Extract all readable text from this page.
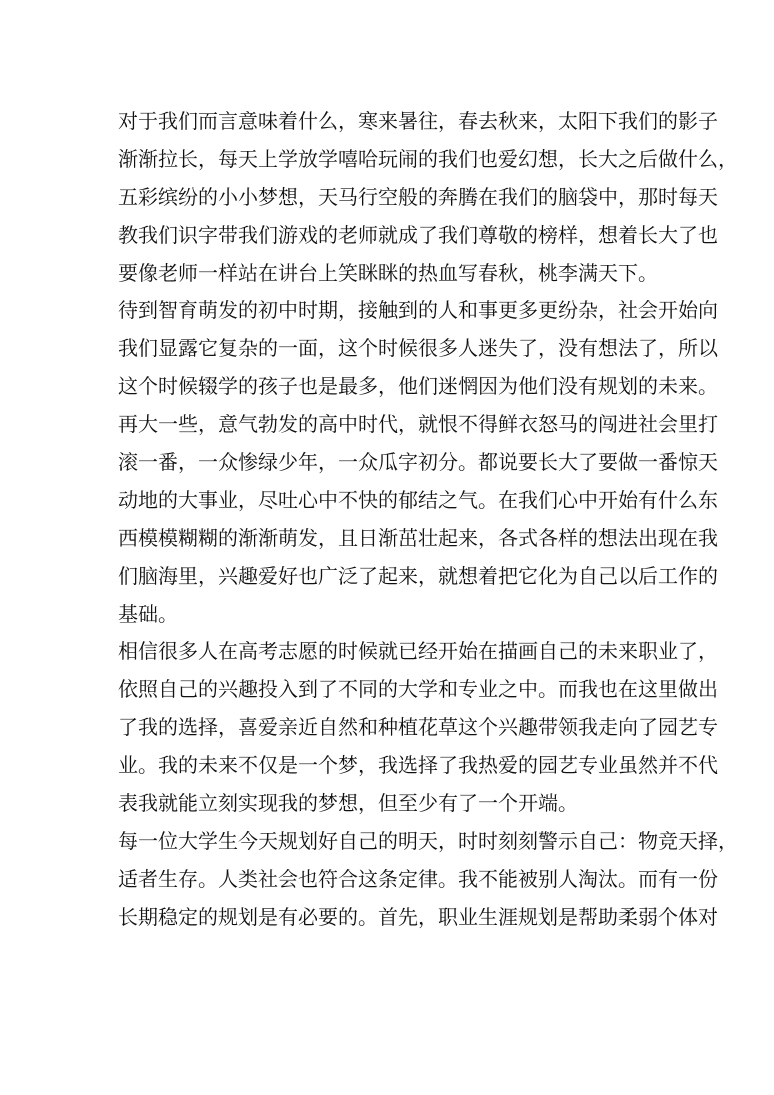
对于我们而言意味着什么，寒来暑往，春去秋来，太阳下我们的影子
渐渐拉长，每天上学放学嘻哈玩闹的我们也爱幻想，长大之后做什么，
五彩缤纷的小小梦想，天马行空般的奔腾在我们的脑袋中，那时每天
教我们识字带我们游戏的老师就成了我们尊敬的榜样，想着长大了也
要像老师一样站在讲台上笑眯眯的热血写春秋，桃李满天下。
待到智育萌发的初中时期，接触到的人和事更多更纷杂，社会开始向
我们显露它复杂的一面，这个时候很多人迷失了，没有想法了，所以
这个时候辍学的孩子也是最多，他们迷惘因为他们没有规划的未来。
再大一些，意气勃发的高中时代，就恨不得鲜衣怒马的闯进社会里打
滚一番，一众惨绿少年，一众瓜字初分。都说要长大了要做一番惊天
动地的大事业，尽吐心中不快的郁结之气。在我们心中开始有什么东
西模模糊糊的渐渐萌发，且日渐茁壮起来，各式各样的想法出现在我
们脑海里，兴趣爱好也广泛了起来，就想着把它化为自己以后工作的
基础。
相信很多人在高考志愿的时候就已经开始在描画自己的未来职业了，
依照自己的兴趣投入到了不同的大学和专业之中。而我也在这里做出
了我的选择，喜爱亲近自然和种植花草这个兴趣带领我走向了园艺专
业。我的未来不仅是一个梦，我选择了我热爱的园艺专业虽然并不代
表我就能立刻实现我的梦想，但至少有了一个开端。
每一位大学生今天规划好自己的明天，时时刻刻警示自己：物竞天择，
适者生存。人类社会也符合这条定律。我不能被别人淘汰。而有一份
长期稳定的规划是有必要的。首先，职业生涯规划是帮助柔弱个体对
